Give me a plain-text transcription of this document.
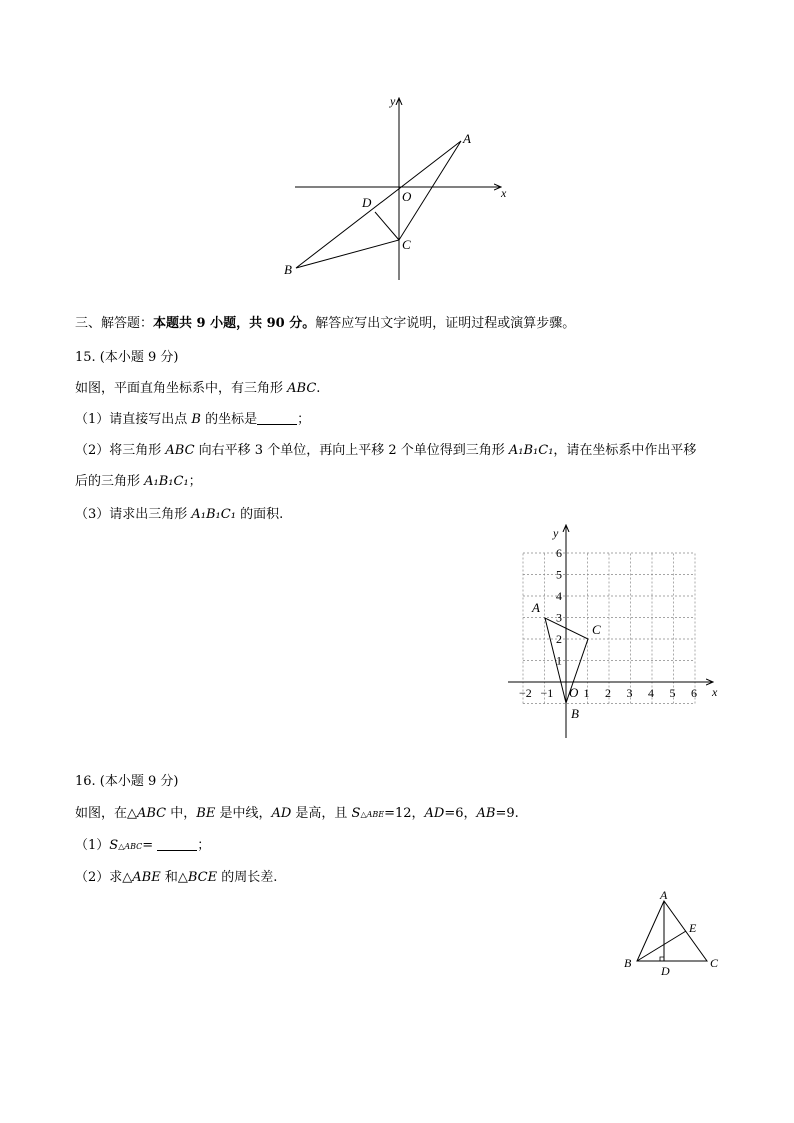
y
x
A
O
D
C
B
三、解答题：本题共 9 小题，共 90 分。解答应写出文字说明，证明过程或演算步骤。
15. (本小题 9 分)
如图，平面直角坐标系中，有三角形 ABC.
（1）请直接写出点 B 的坐标是	；
（2）将三角形 ABC 向右平移 3 个单位，再向上平移 2 个单位得到三角形 A₁B₁C₁，请在坐标系中作出平移
后的三角形 A₁B₁C₁；
（3）请求出三角形 A₁B₁C₁ 的面积.
−2 −1	1 2 3 4 5 6
1
2
3
4
5
6
y
x
A
C
O
B
16. (本小题 9 分)
如图，在△ABC 中，BE 是中线，AD 是高，且 S△ABE=12，AD=6，AB=9.
（1）S△ABC=	；
（2）求△ABE 和△BCE 的周长差.
A
B	C
D
E
